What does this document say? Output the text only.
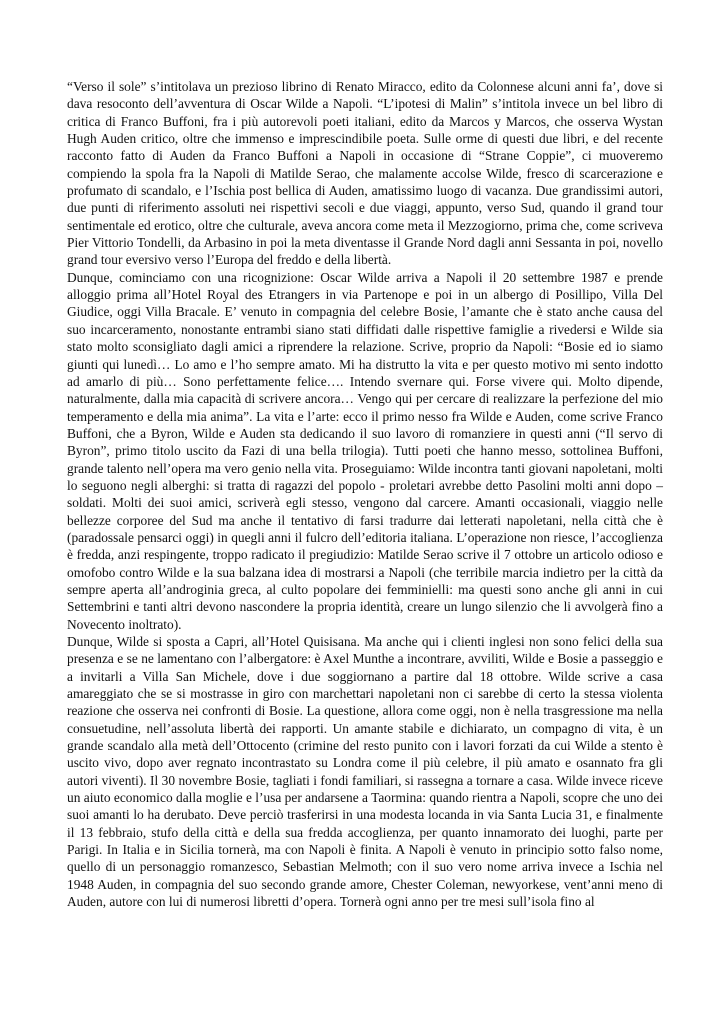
“Verso il sole” s’intitolava un prezioso librino di Renato Miracco, edito da Colonnese alcuni anni fa’, dove si dava resoconto dell’avventura di Oscar Wilde a Napoli. “L’ipotesi di Malin” s’intitola invece un bel libro di critica di Franco Buffoni, fra i più autorevoli poeti italiani, edito da Marcos y Marcos, che osserva Wystan Hugh Auden critico, oltre che immenso e imprescindibile poeta. Sulle orme di questi due libri, e del recente racconto fatto di Auden da Franco Buffoni a Napoli in occasione di “Strane Coppie”, ci muoveremo compiendo la spola fra la Napoli di Matilde Serao, che malamente accolse Wilde, fresco di scarcerazione e profumato di scandalo, e l’Ischia post bellica di Auden, amatissimo luogo di vacanza. Due grandissimi autori, due punti di riferimento assoluti nei rispettivi secoli e due viaggi, appunto, verso Sud, quando il grand tour sentimentale ed erotico, oltre che culturale, aveva ancora come meta il Mezzogiorno, prima che, come scriveva Pier Vittorio Tondelli, da Arbasino in poi la meta diventasse il Grande Nord dagli anni Sessanta in poi, novello grand tour eversivo verso l’Europa del freddo e della libertà.

Dunque, cominciamo con una ricognizione: Oscar Wilde arriva a Napoli il 20 settembre 1987 e prende alloggio prima all’Hotel Royal des Etrangers in via Partenope e poi in un albergo di Posillipo, Villa Del Giudice, oggi Villa Bracale. E’ venuto in compagnia del celebre Bosie, l’amante che è stato anche causa del suo incarceramento, nonostante entrambi siano stati diffidati dalle rispettive famiglie a rivedersi e Wilde sia stato molto sconsigliato dagli amici a riprendere la relazione. Scrive, proprio da Napoli: “Bosie ed io siamo giunti qui lunedì… Lo amo e l’ho sempre amato. Mi ha distrutto la vita e per questo motivo mi sento indotto ad amarlo di più… Sono perfettamente felice…. Intendo svernare qui. Forse vivere qui. Molto dipende, naturalmente, dalla mia capacità di scrivere ancora… Vengo qui per cercare di realizzare la perfezione del mio temperamento e della mia anima”. La vita e l’arte: ecco il primo nesso fra Wilde e Auden, come scrive Franco Buffoni, che a Byron, Wilde e Auden sta dedicando il suo lavoro di romanziere in questi anni (“Il servo di Byron”, primo titolo uscito da Fazi di una bella trilogia). Tutti poeti che hanno messo, sottolinea Buffoni, grande talento nell’opera ma vero genio nella vita. Proseguiamo: Wilde incontra tanti giovani napoletani, molti lo seguono negli alberghi: si tratta di ragazzi del popolo - proletari avrebbe detto Pasolini molti anni dopo – soldati. Molti dei suoi amici, scriverà egli stesso, vengono dal carcere. Amanti occasionali, viaggio nelle bellezze corporee del Sud ma anche il tentativo di farsi tradurre dai letterati napoletani, nella città che è (paradossale pensarci oggi) in quegli anni il fulcro dell’editoria italiana. L’operazione non riesce, l’accoglienza è fredda, anzi respingente, troppo radicato il pregiudizio: Matilde Serao scrive il 7 ottobre un articolo odioso e omofobo contro Wilde e la sua balzana idea di mostrarsi a Napoli (che terribile marcia indietro per la città da sempre aperta all’androginia greca, al culto popolare dei femminielli: ma questi sono anche gli anni in cui Settembrini e tanti altri devono nascondere la propria identità, creare un lungo silenzio che li avvolgerà fino a Novecento inoltrato).

Dunque, Wilde si sposta a Capri, all’Hotel Quisisana. Ma anche qui i clienti inglesi non sono felici della sua presenza e se ne lamentano con l’albergatore: è Axel Munthe a incontrare, avviliti, Wilde e Bosie a passeggio e a invitarli a Villa San Michele, dove i due soggiornano a partire dal 18 ottobre. Wilde scrive a casa amareggiato che se si mostrasse in giro con marchettari napoletani non ci sarebbe di certo la stessa violenta reazione che osserva nei confronti di Bosie. La questione, allora come oggi, non è nella trasgressione ma nella consuetudine, nell’assoluta libertà dei rapporti. Un amante stabile e dichiarato, un compagno di vita, è un grande scandalo alla metà dell’Ottocento (crimine del resto punito con i lavori forzati da cui Wilde a stento è uscito vivo, dopo aver regnato incontrastato su Londra come il più celebre, il più amato e osannato fra gli autori viventi). Il 30 novembre Bosie, tagliati i fondi familiari, si rassegna a tornare a casa. Wilde invece riceve un aiuto economico dalla moglie e l’usa per andarsene a Taormina: quando rientra a Napoli, scopre che uno dei suoi amanti lo ha derubato. Deve perciò trasferirsi in una modesta locanda in via Santa Lucia 31, e finalmente il 13 febbraio, stufo della città e della sua fredda accoglienza, per quanto innamorato dei luoghi, parte per Parigi. In Italia e in Sicilia tornerà, ma con Napoli è finita. A Napoli è venuto in principio sotto falso nome, quello di un personaggio romanzesco, Sebastian Melmoth; con il suo vero nome arriva invece a Ischia nel 1948 Auden, in compagnia del suo secondo grande amore, Chester Coleman, newyorkese, vent’anni meno di Auden, autore con lui di numerosi libretti d’opera. Tornerà ogni anno per tre mesi sull’isola fino al
